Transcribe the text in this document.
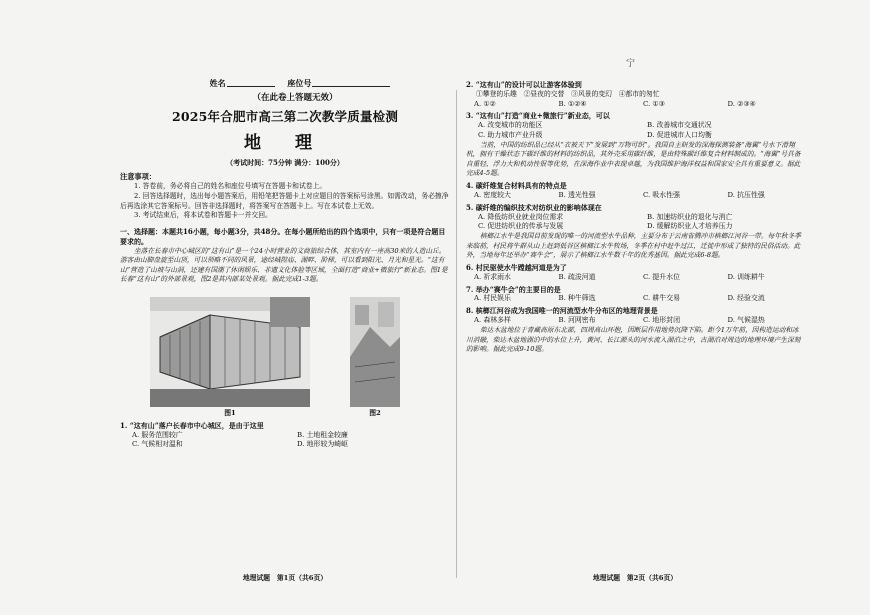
宁
姓名	座位号
（在此卷上答题无效）
2025年合肥市高三第二次教学质量检测
地 理
（考试时间：75分钟 满分：100分）
注意事项：
1. 答卷前，务必将自己的姓名和座位号填写在答题卡和试卷上。
2. 回答选择题时，选出每小题答案后，用铅笔把答题卡上对应题目的答案标号涂黑。如需改动，务必擦净后再选涂其它答案标号。回答非选择题时，将答案写在答题卡上。写在本试卷上无效。
3. 考试结束后，将本试卷和答题卡一并交回。
一、选择题：本题共16小题，每小题3分，共48分。在每小题所给出的四个选项中，只有一项是符合题目要求的。
坐落在长春市中心城区的“这有山”是一个24小时营业的文商旅综合体，其室内有一座高30米的人造山丘。游客由山脚盘旋至山顶，可以领略不同的风景，途经城隍庙、湖畔、阶梯，可以看到阳光、月光和星光。“这有山”营造了山坡与山洞，还建有国潮了休闲娱乐、非遗文化体验等区域，全面打造“商业+微旅行”新业态。图1是长春“这有山”的外部景观，图2是其内部某处景观。据此完成1-3题。
图1	图2
1. “这有山”落户长春市中心城区，是由于这里
A. 服务范围较广	B. 土地租金较廉
C. 气候相对温和	D. 地形较为崎岖
地理试题　第1页（共6页）
2. “这有山”的设计可以让游客体验到
①攀登的乐趣　②昼夜的交替　③风景的变幻　④都市的匆忙
A. ①②	B. ①②④	C. ①③	D. ②③④
3. “这有山”打造“商业+微旅行”新业态，可以
A. 改变城市的功能区	B. 改善城市交通状况
C. 助力城市产业升级	D. 促进城市人口均衡
当前，中国的纺织品已经从“衣被天下”发展到“万物可织”。我国自主研发的深海探测装备“海翼”号水下滑翔机，拥有干燥状态下碳纤维的材料的纺织品，其外壳采用碳纤维，是由特殊碳纤维复合材料制成的。“海翼”号具备自重轻、浮力大和机动性很等优势，在深海作业中表现卓越，为我国维护海洋权益和国家安全具有重要意义。据此完成4-5题。
4. 碳纤维复合材料具有的特点是
A. 密度较大	B. 透光性强	C. 吸水性强	D. 抗压性强
5. 碳纤维的编织技术对纺织业的影响体现在
A. 降低纺织业就业岗位需求	B. 加速纺织业的退化与消亡
C. 促进纺织业的传承与发展	D. 缓解纺织业人才培养压力
槟榔江水牛是我国目前发现的唯一的河流型水牛品种，主要分布于云南省腾冲市槟榔江河谷一带。每年秋冬季来临前，村民将牛群从山上赶到低谷区槟榔江水牛牧场，冬季在村中赶牛过江，迁徙中形成了独特的民俗活动。此外，当地每年还举办“赛牛会”，展示了槟榔江水牛数千年的优秀基因。据此完成6-8题。
6. 村民驱使水牛蹚越河道是为了
A. 祈求雨水	B. 疏浚河道	C. 提升水位	D. 训练耕牛
7. 举办“赛牛会”的主要目的是
A. 村民娱乐	B. 种牛筛选	C. 耕牛交易	D. 经验交流
8. 槟榔江河谷成为我国唯一的河流型水牛分布区的地理背景是
A. 森林多样	B. 河网密布	C. 地形封闭	D. 气候湿热
柴达木盆地位于青藏高原东北部，四周高山环抱，因断层作用地势沉降下陷。距今1万年前，因构造运动和冰川消融，柴达木盆地湖泊中的水位上升，黄河、长江源头的河水流入湖泊之中，古湖泊对周边的地理环境产生深刻的影响。据此完成9-10题。
地理试题　第2页（共6页）
